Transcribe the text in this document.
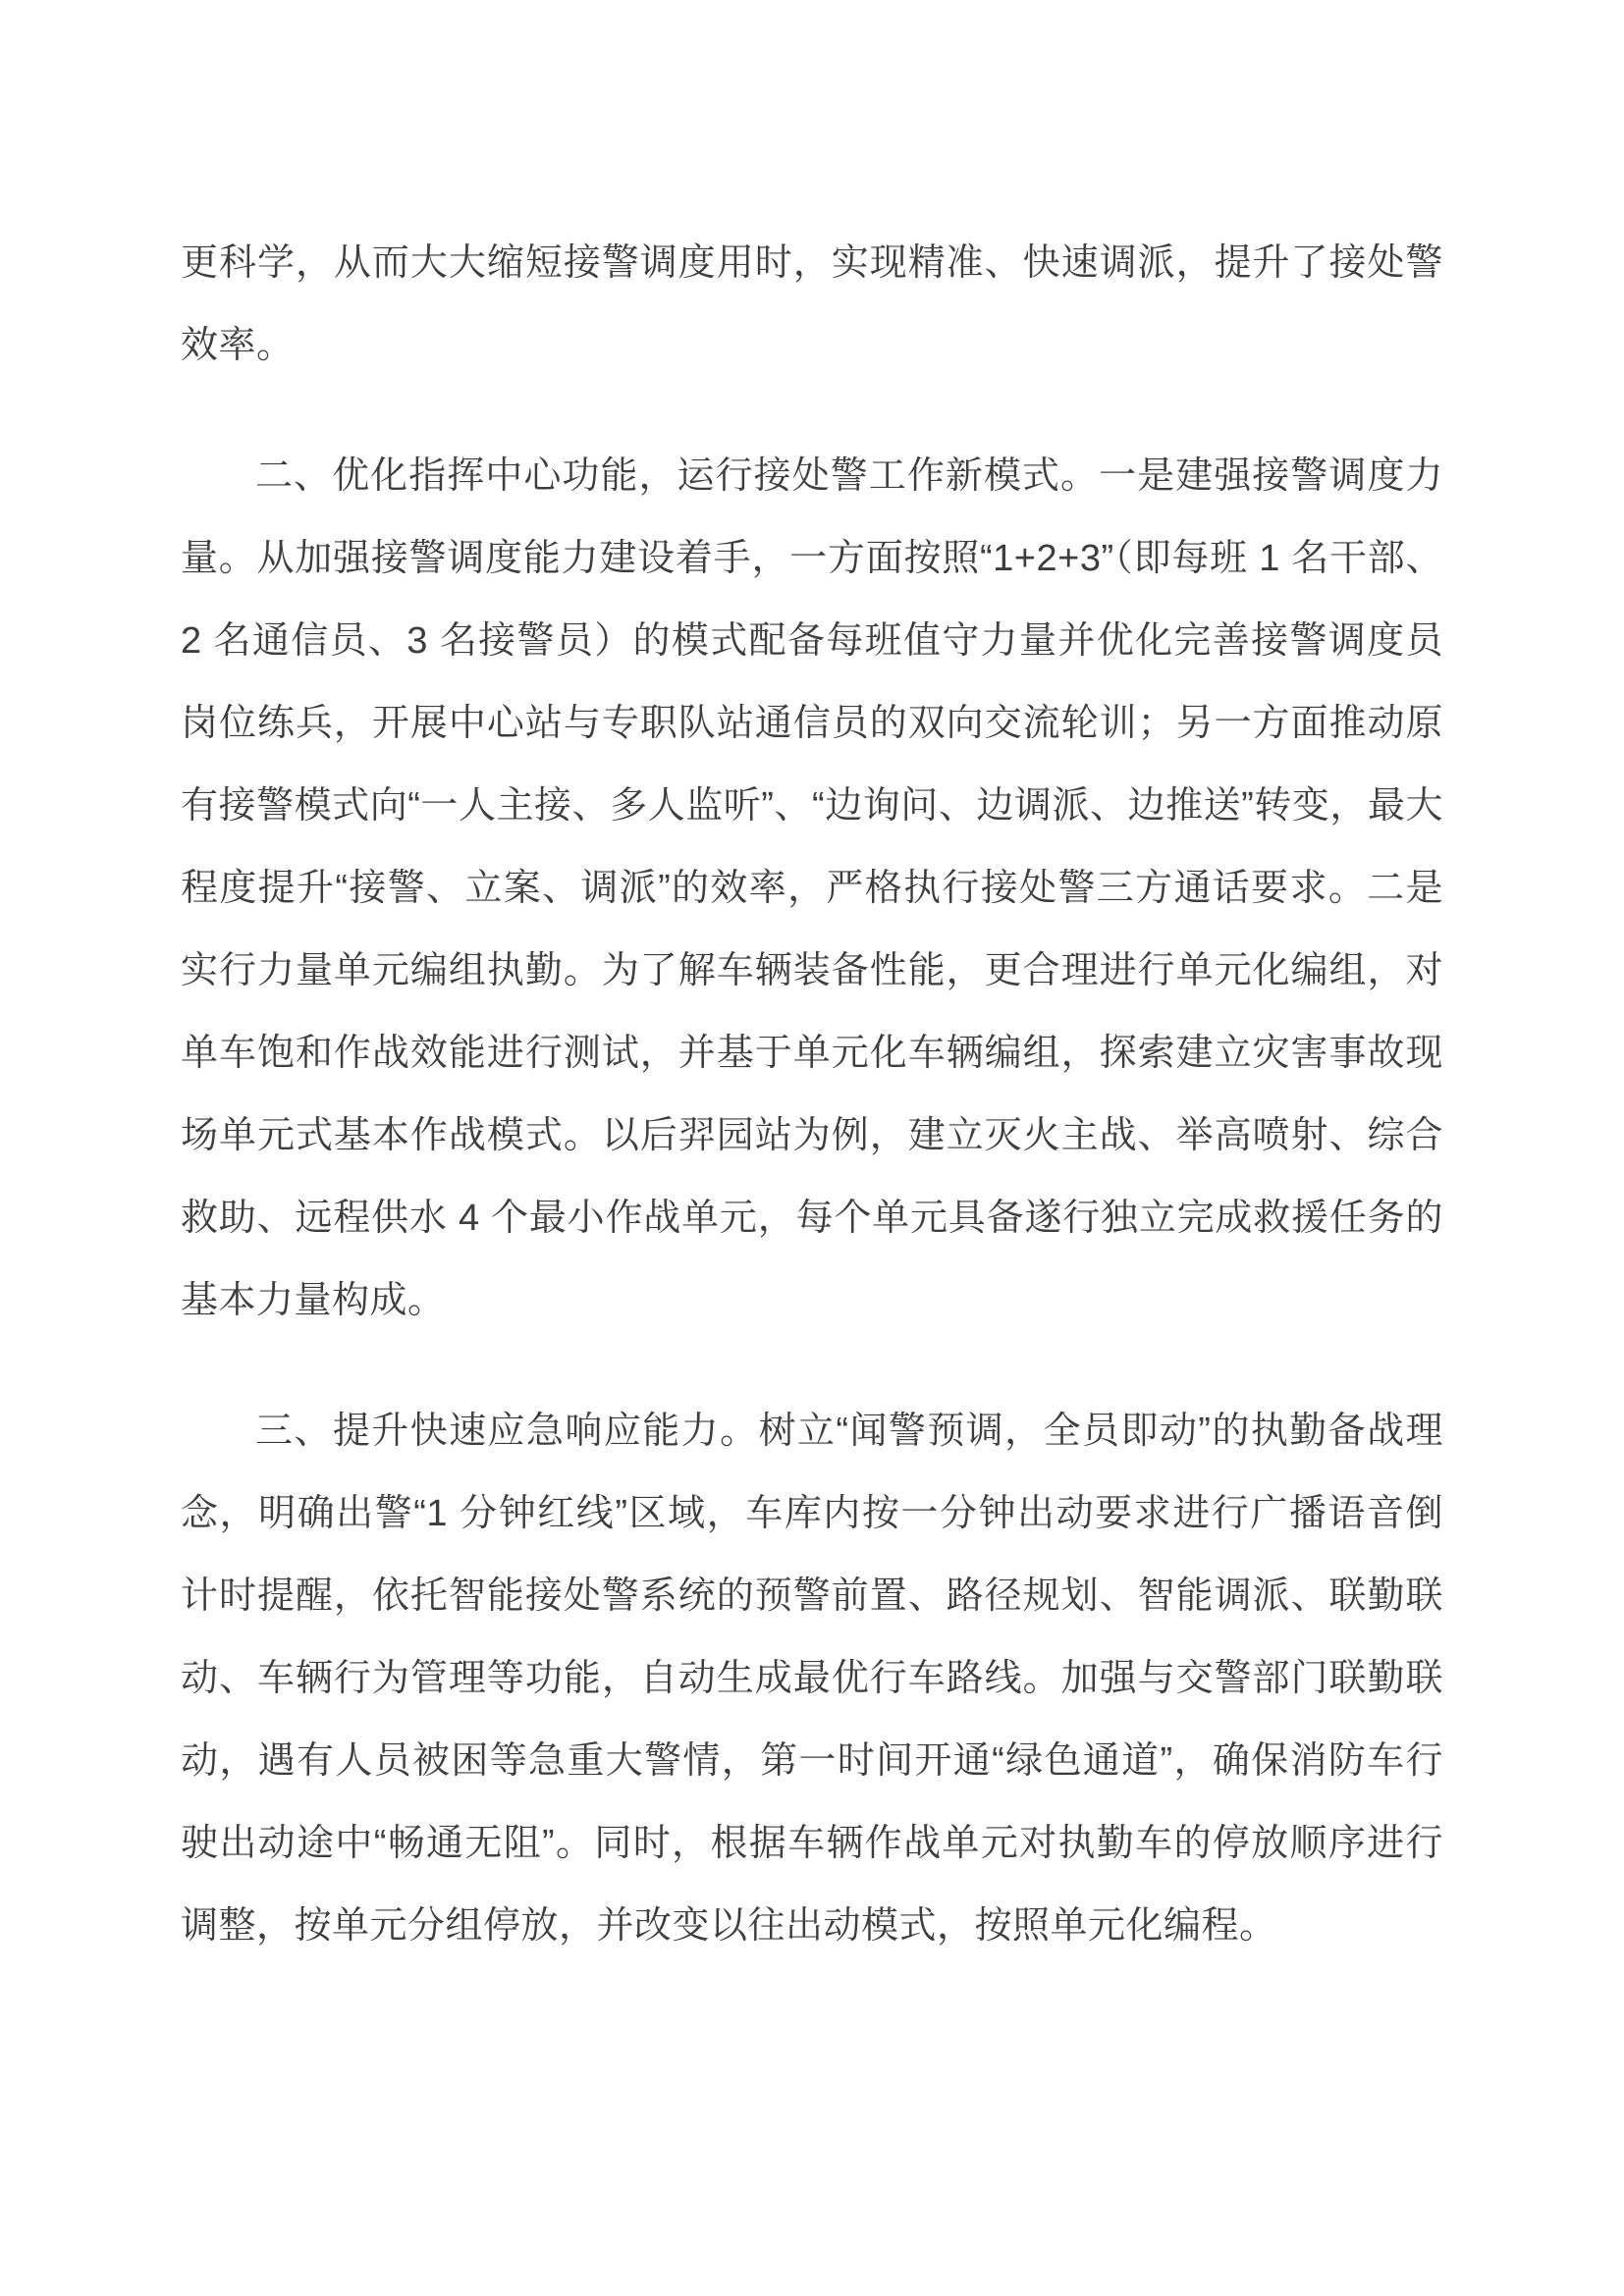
更科学，从而大大缩短接警调度用时，实现精准、快速调派，提升了接处警效率。

二、优化指挥中心功能，运行接处警工作新模式。一是建强接警调度力量。从加强接警调度能力建设着手，一方面按照“1+2+3”（即每班 1 名干部、2 名通信员、3 名接警员）的模式配备每班值守力量并优化完善接警调度员岗位练兵，开展中心站与专职队站通信员的双向交流轮训；另一方面推动原有接警模式向“一人主接、多人监听”、“边询问、边调派、边推送”转变，最大程度提升“接警、立案、调派”的效率，严格执行接处警三方通话要求。二是实行力量单元编组执勤。为了解车辆装备性能，更合理进行单元化编组，对单车饱和作战效能进行测试，并基于单元化车辆编组，探索建立灾害事故现场单元式基本作战模式。以后羿园站为例，建立灭火主战、举高喷射、综合救助、远程供水 4 个最小作战单元，每个单元具备遂行独立完成救援任务的基本力量构成。

三、提升快速应急响应能力。树立“闻警预调，全员即动”的执勤备战理念，明确出警“1 分钟红线”区域，车库内按一分钟出动要求进行广播语音倒计时提醒，依托智能接处警系统的预警前置、路径规划、智能调派、联勤联动、车辆行为管理等功能，自动生成最优行车路线。加强与交警部门联勤联动，遇有人员被困等急重大警情，第一时间开通“绿色通道”，确保消防车行驶出动途中“畅通无阻”。同时，根据车辆作战单元对执勤车的停放顺序进行调整，按单元分组停放，并改变以往出动模式，按照单元化编程。
